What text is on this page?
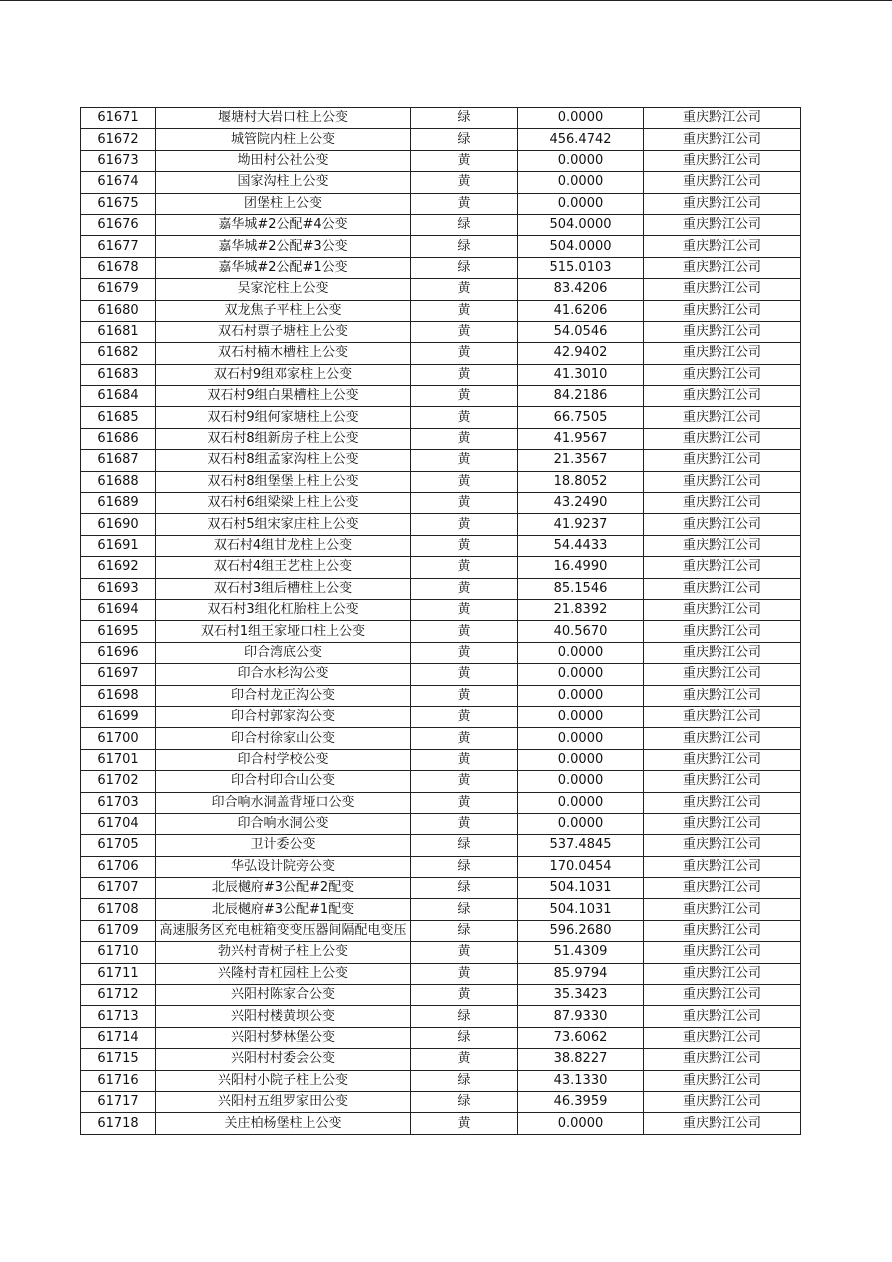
61671	堰塘村大岩口柱上公变	绿	0.0000	重庆黔江公司
61672	城管院内柱上公变	绿	456.4742	重庆黔江公司
61673	坳田村公社公变	黄	0.0000	重庆黔江公司
61674	国家沟柱上公变	黄	0.0000	重庆黔江公司
61675	团堡柱上公变	黄	0.0000	重庆黔江公司
61676	嘉华城#2公配#4公变	绿	504.0000	重庆黔江公司
61677	嘉华城#2公配#3公变	绿	504.0000	重庆黔江公司
61678	嘉华城#2公配#1公变	绿	515.0103	重庆黔江公司
61679	吴家沱柱上公变	黄	83.4206	重庆黔江公司
61680	双龙焦子平柱上公变	黄	41.6206	重庆黔江公司
61681	双石村票子塘柱上公变	黄	54.0546	重庆黔江公司
61682	双石村楠木槽柱上公变	黄	42.9402	重庆黔江公司
61683	双石村9组邓家柱上公变	黄	41.3010	重庆黔江公司
61684	双石村9组白果槽柱上公变	黄	84.2186	重庆黔江公司
61685	双石村9组何家塘柱上公变	黄	66.7505	重庆黔江公司
61686	双石村8组新房子柱上公变	黄	41.9567	重庆黔江公司
61687	双石村8组孟家沟柱上公变	黄	21.3567	重庆黔江公司
61688	双石村8组堡堡上柱上公变	黄	18.8052	重庆黔江公司
61689	双石村6组梁梁上柱上公变	黄	43.2490	重庆黔江公司
61690	双石村5组宋家庄柱上公变	黄	41.9237	重庆黔江公司
61691	双石村4组甘龙柱上公变	黄	54.4433	重庆黔江公司
61692	双石村4组王艺柱上公变	黄	16.4990	重庆黔江公司
61693	双石村3组后槽柱上公变	黄	85.1546	重庆黔江公司
61694	双石村3组化杠胎柱上公变	黄	21.8392	重庆黔江公司
61695	双石村1组王家垭口柱上公变	黄	40.5670	重庆黔江公司
61696	印合湾底公变	黄	0.0000	重庆黔江公司
61697	印合水杉沟公变	黄	0.0000	重庆黔江公司
61698	印合村龙正沟公变	黄	0.0000	重庆黔江公司
61699	印合村郭家沟公变	黄	0.0000	重庆黔江公司
61700	印合村徐家山公变	黄	0.0000	重庆黔江公司
61701	印合村学校公变	黄	0.0000	重庆黔江公司
61702	印合村印合山公变	黄	0.0000	重庆黔江公司
61703	印合响水洞盖背垭口公变	黄	0.0000	重庆黔江公司
61704	印合响水洞公变	黄	0.0000	重庆黔江公司
61705	卫计委公变	绿	537.4845	重庆黔江公司
61706	华弘设计院旁公变	绿	170.0454	重庆黔江公司
61707	北辰樾府#3公配#2配变	绿	504.1031	重庆黔江公司
61708	北辰樾府#3公配#1配变	绿	504.1031	重庆黔江公司
61709	高速服务区充电桩箱变变压器间隔配电变压	绿	596.2680	重庆黔江公司
61710	勃兴村青树子柱上公变	黄	51.4309	重庆黔江公司
61711	兴隆村青杠园柱上公变	黄	85.9794	重庆黔江公司
61712	兴阳村陈家合公变	黄	35.3423	重庆黔江公司
61713	兴阳村楼黄坝公变	绿	87.9330	重庆黔江公司
61714	兴阳村梦林堡公变	绿	73.6062	重庆黔江公司
61715	兴阳村村委会公变	黄	38.8227	重庆黔江公司
61716	兴阳村小院子柱上公变	绿	43.1330	重庆黔江公司
61717	兴阳村五组罗家田公变	绿	46.3959	重庆黔江公司
61718	关庄柏杨堡柱上公变	黄	0.0000	重庆黔江公司
